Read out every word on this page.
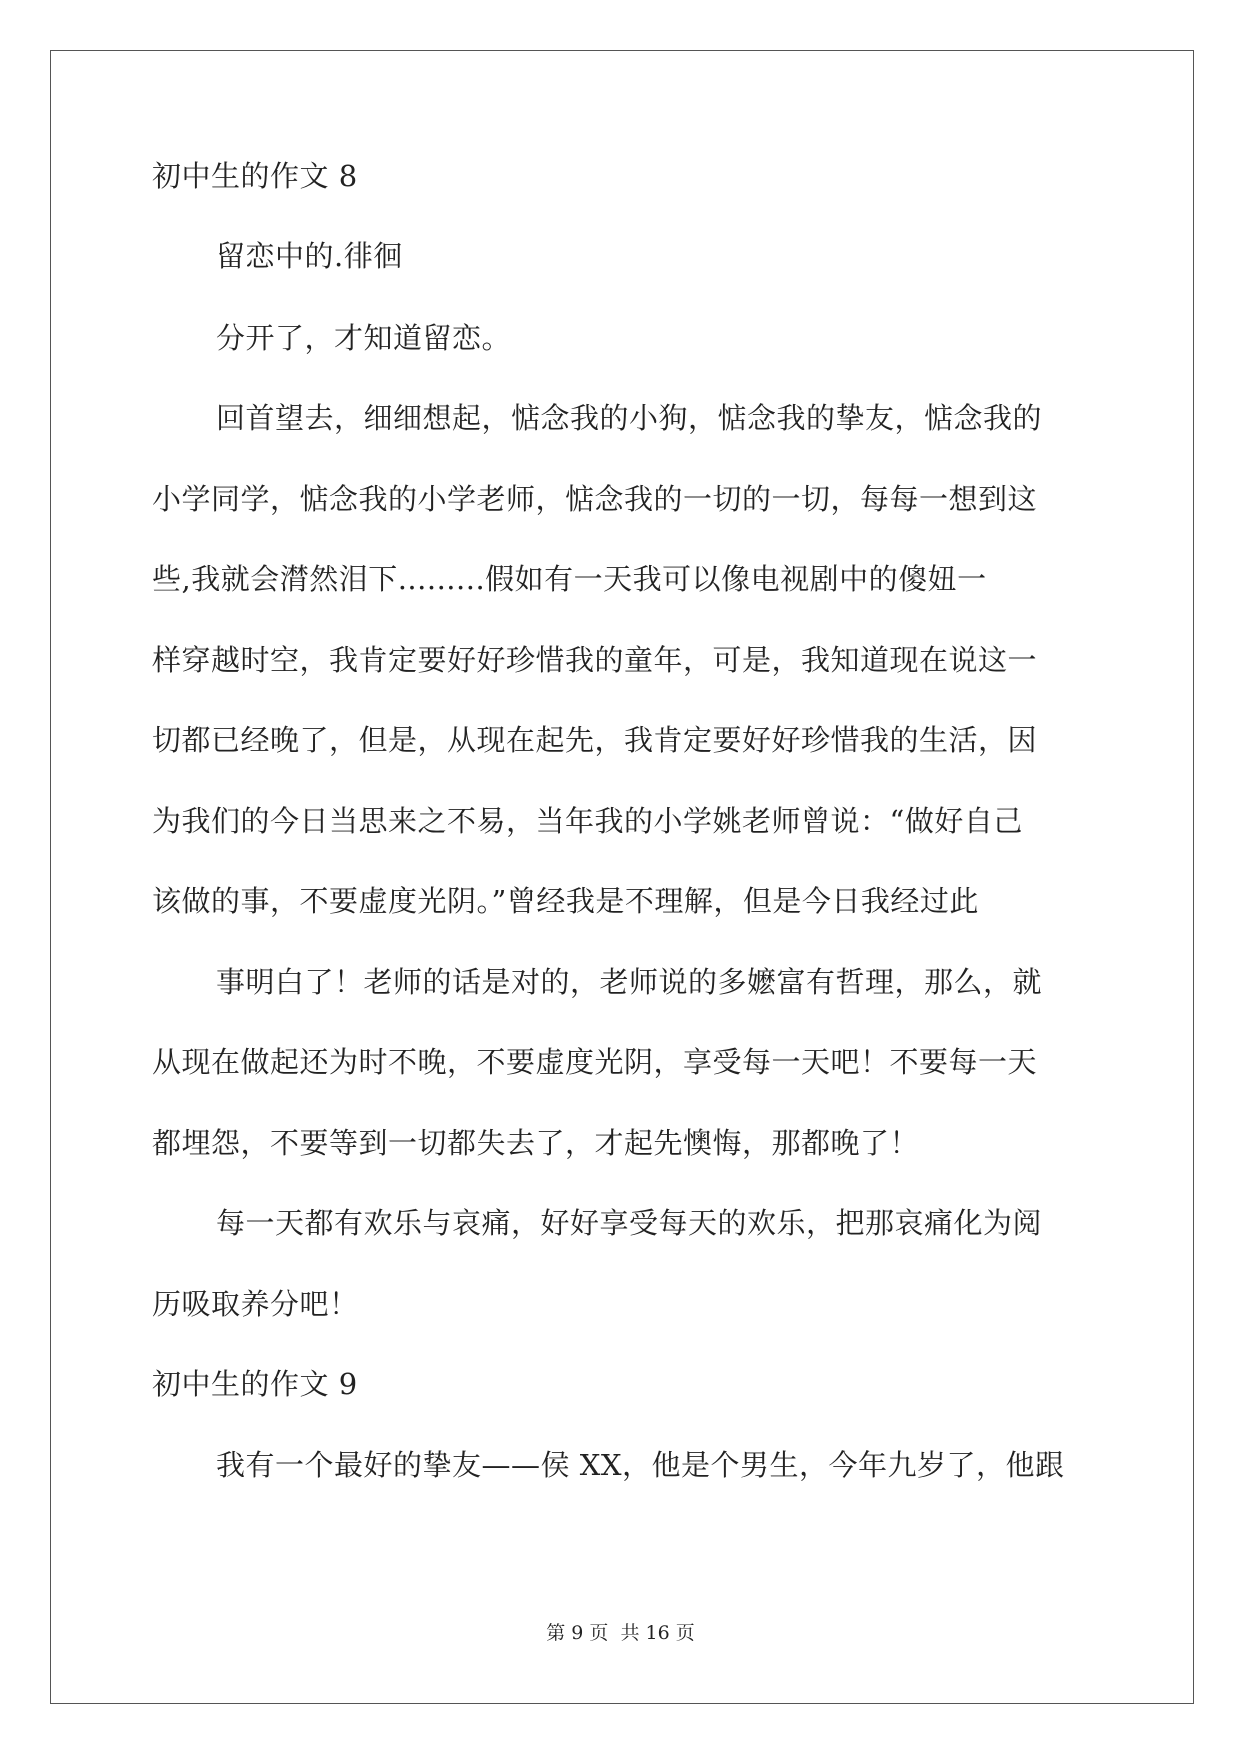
初中生的作文 8
留恋中的.徘徊
分开了，才知道留恋。
回首望去，细细想起，惦念我的小狗，惦念我的挚友，惦念我的
小学同学，惦念我的小学老师，惦念我的一切的一切，每每一想到这
些,我就会潸然泪下.........假如有一天我可以像电视剧中的傻妞一
样穿越时空，我肯定要好好珍惜我的童年，可是，我知道现在说这一
切都已经晚了，但是，从现在起先，我肯定要好好珍惜我的生活，因
为我们的今日当思来之不易，当年我的小学姚老师曾说：“做好自己
该做的事，不要虚度光阴。”曾经我是不理解，但是今日我经过此
事明白了！老师的话是对的，老师说的多嬷富有哲理，那么，就
从现在做起还为时不晚，不要虚度光阴，享受每一天吧！不要每一天
都埋怨，不要等到一切都失去了，才起先懊悔，那都晚了！
每一天都有欢乐与哀痛，好好享受每天的欢乐，把那哀痛化为阅
历吸取养分吧！
初中生的作文 9
我有一个最好的挚友——侯 XX，他是个男生，今年九岁了，他跟
第 9 页 共 16 页
